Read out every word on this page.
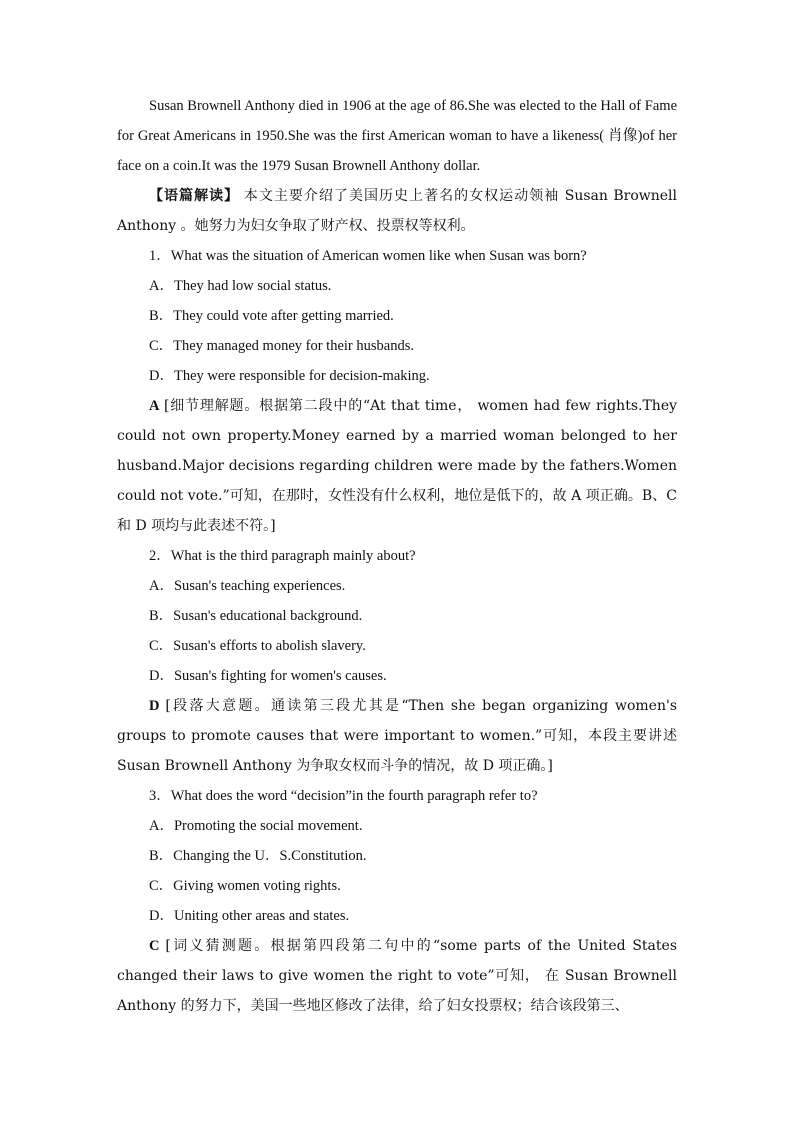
Susan Brownell Anthony died in 1906 at the age of 86.She was elected to the Hall of Fame for Great Americans in 1950.She was the first American woman to have a likeness( 肖像)of her face on a coin.It was the 1979 Susan Brownell Anthony dollar.

【语篇解读】 本文主要介绍了美国历史上著名的女权运动领袖 Susan Brownell Anthony 。她努力为妇女争取了财产权、投票权等权利。

1．What was the situation of American women like when Susan was born?

A．They had low social status.

B．They could vote after getting married.

C．They managed money for their husbands.

D．They were responsible for decision-making.

A [细节理解题。根据第二段中的“At that time， women had few rights.They could not own property.Money earned by a married woman belonged to her husband.Major decisions regarding children were made by the fathers.Women could not vote.”可知，在那时，女性没有什么权利，地位是低下的，故 A 项正确。B、C 和 D 项均与此表述不符。]

2．What is the third paragraph mainly about?

A．Susan's teaching experiences.

B．Susan's educational background.

C．Susan's efforts to abolish slavery.

D．Susan's fighting for women's causes.

D [段落大意题。通读第三段尤其是“Then she began organizing women's groups to promote causes that were important to women.”可知，本段主要讲述 Susan Brownell Anthony 为争取女权而斗争的情况，故 D 项正确。]

3．What does the word “decision”in the fourth paragraph refer to?

A．Promoting the social movement.

B．Changing the U．S.Constitution.

C．Giving women voting rights.

D．Uniting other areas and states.

C [词义猜测题。根据第四段第二句中的“some parts of the United States changed their laws to give women the right to vote”可知， 在 Susan Brownell Anthony 的努力下，美国一些地区修改了法律，给了妇女投票权；结合该段第三、
